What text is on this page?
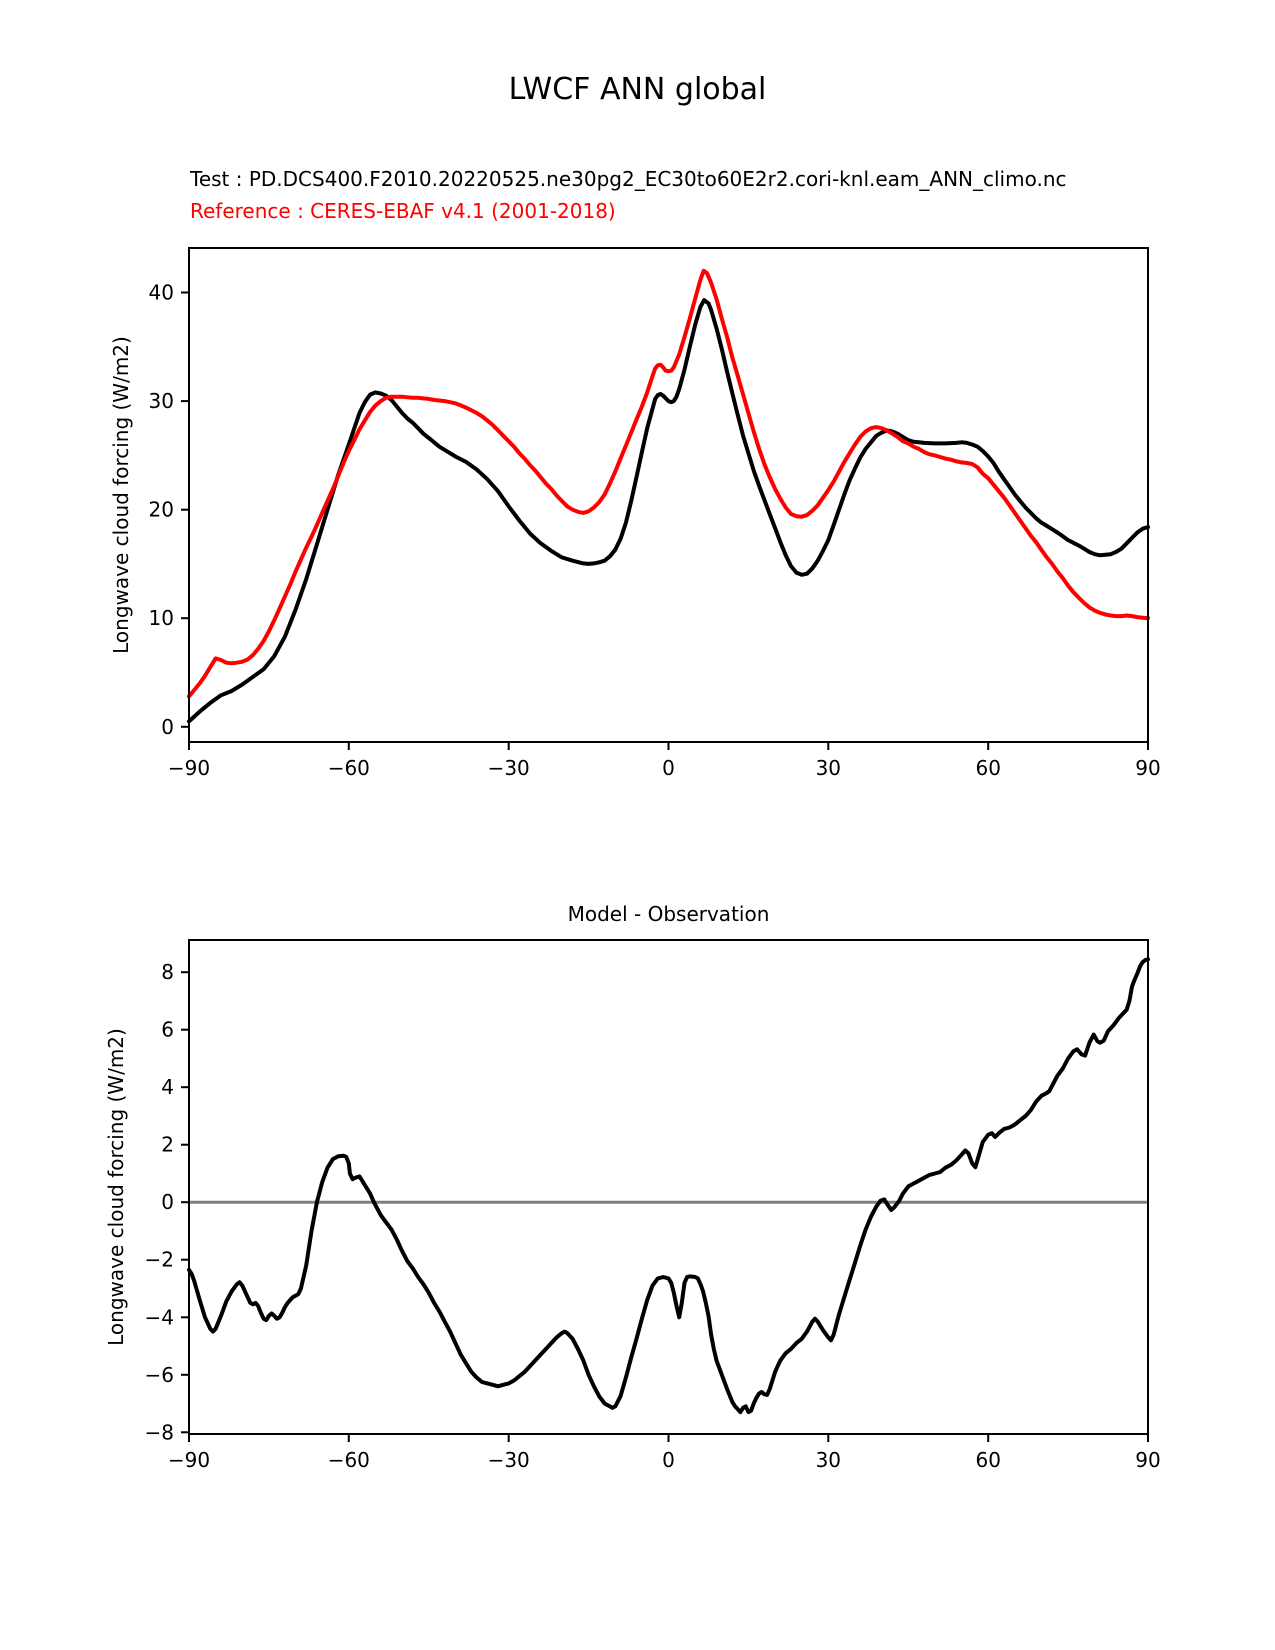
LWCF ANN global
Test : PD.DCS400.F2010.20220525.ne30pg2_EC30to60E2r2.cori-knl.eam_ANN_climo.nc
Reference : CERES-EBAF v4.1 (2001-2018)
Longwave cloud forcing (W/m2)
Longwave cloud forcing (W/m2)
Model - Observation
−90	−60	−30	0	30	60	90
0
10
20
30
40
−90	−60	−30	0	30	60	90
−8
−6
−4
−2
0
2
4
6
8
